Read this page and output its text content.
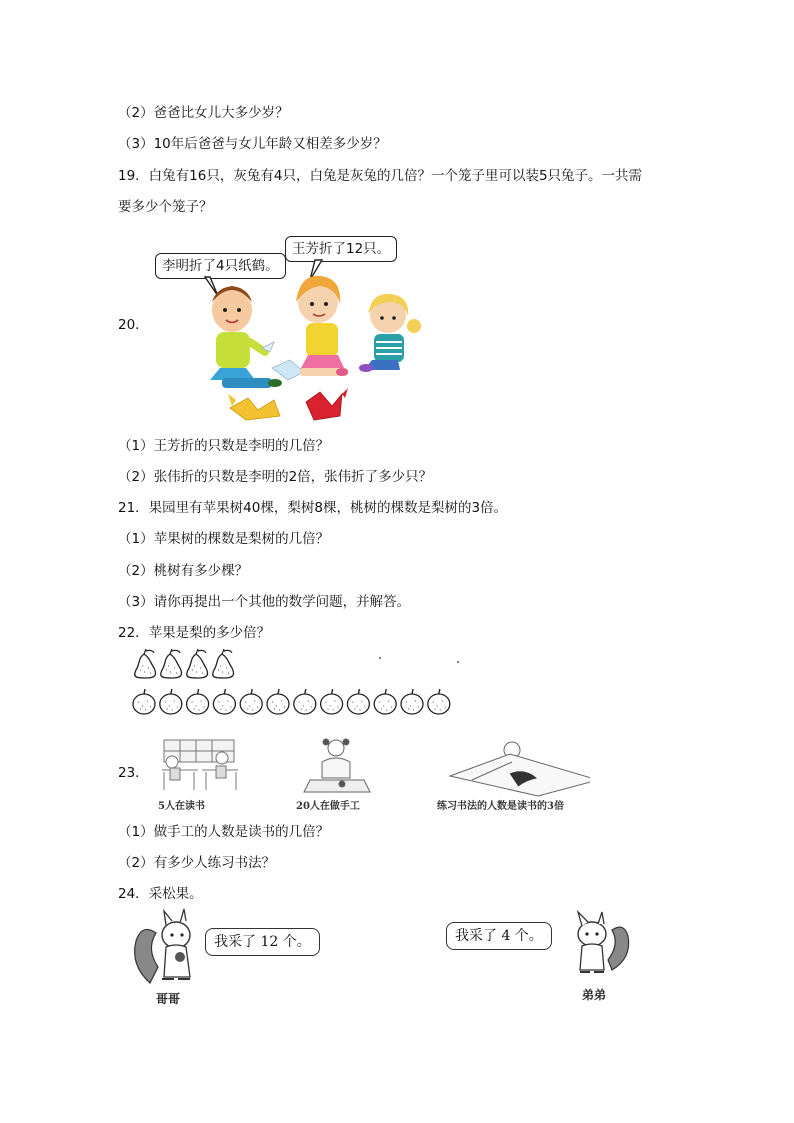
（2）爸爸比女儿大多少岁？
（3）10年后爸爸与女儿年龄又相差多少岁？
19．白兔有16只，灰兔有4只，白兔是灰兔的几倍？一个笼子里可以装5只兔子。一共需
要多少个笼子？
20．
李明折了4只纸鹤。
王芳折了12只。
（1）王芳折的只数是李明的几倍？
（2）张伟折的只数是李明的2倍，张伟折了多少只？
21．果园里有苹果树40棵，梨树8棵，桃树的棵数是梨树的3倍。
（1）苹果树的棵数是梨树的几倍？
（2）桃树有多少棵？
（3）请你再提出一个其他的数学问题，并解答。
22．苹果是梨的多少倍？
23．
5人在读书	20人在做手工	练习书法的人数是读书的3倍
（1）做手工的人数是读书的几倍？
（2）有多少人练习书法？
24．采松果。
我采了 12 个。
哥哥
我采了 4 个。
弟弟
